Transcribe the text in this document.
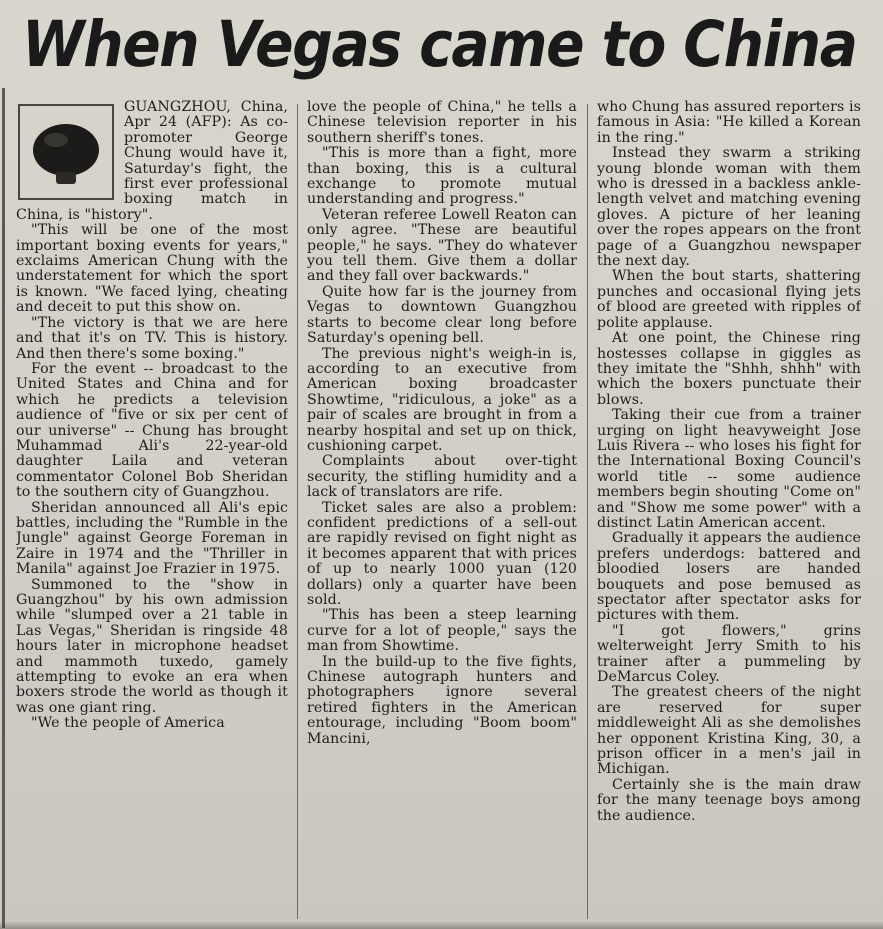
When Vegas came to China

GUANGZHOU, China, Apr 24 (AFP): As co-promoter George Chung would have it, Saturday's fight, the first ever professional boxing match in China, is "history".

"This will be one of the most important boxing events for years," exclaims American Chung with the understatement for which the sport is known. "We faced lying, cheating and deceit to put this show on.

"The victory is that we are here and that it's on TV. This is history. And then there's some boxing."

For the event -- broadcast to the United States and China and for which he predicts a television audience of "five or six per cent of our universe" -- Chung has brought Muhammad Ali's 22-year-old daughter Laila and veteran commentator Colonel Bob Sheridan to the southern city of Guangzhou.

Sheridan announced all Ali's epic battles, including the "Rumble in the Jungle" against George Foreman in Zaire in 1974 and the "Thriller in Manila" against Joe Frazier in 1975.

Summoned to the "show in Guangzhou" by his own admission while "slumped over a 21 table in Las Vegas," Sheridan is ringside 48 hours later in microphone headset and mammoth tuxedo, gamely attempting to evoke an era when boxers strode the world as though it was one giant ring.

"We the people of America

love the people of China," he tells a Chinese television reporter in his southern sheriff's tones.

"This is more than a fight, more than boxing, this is a cultural exchange to promote mutual understanding and progress."

Veteran referee Lowell Reaton can only agree. "These are beautiful people," he says. "They do whatever you tell them. Give them a dollar and they fall over backwards."

Quite how far is the journey from Vegas to downtown Guangzhou starts to become clear long before Saturday's opening bell.

The previous night's weigh-in is, according to an executive from American boxing broadcaster Showtime, "ridiculous, a joke" as a pair of scales are brought in from a nearby hospital and set up on thick, cushioning carpet.

Complaints about over-tight security, the stifling humidity and a lack of translators are rife.

Ticket sales are also a problem: confident predictions of a sell-out are rapidly revised on fight night as it becomes apparent that with prices of up to nearly 1000 yuan (120 dollars) only a quarter have been sold.

"This has been a steep learning curve for a lot of people," says the man from Showtime.

In the build-up to the five fights, Chinese autograph hunters and photographers ignore several retired fighters in the American entourage, including "Boom boom" Mancini,

who Chung has assured reporters is famous in Asia: "He killed a Korean in the ring."

Instead they swarm a striking young blonde woman with them who is dressed in a backless ankle-length velvet and matching evening gloves. A picture of her leaning over the ropes appears on the front page of a Guangzhou newspaper the next day.

When the bout starts, shattering punches and occasional flying jets of blood are greeted with ripples of polite applause.

At one point, the Chinese ring hostesses collapse in giggles as they imitate the "Shhh, shhh" with which the boxers punctuate their blows.

Taking their cue from a trainer urging on light heavyweight Jose Luis Rivera -- who loses his fight for the International Boxing Council's world title -- some audience members begin shouting "Come on" and "Show me some power" with a distinct Latin American accent.

Gradually it appears the audience prefers underdogs: battered and bloodied losers are handed bouquets and pose bemused as spectator after spectator asks for pictures with them.

"I got flowers," grins welterweight Jerry Smith to his trainer after a pummeling by DeMarcus Coley.

The greatest cheers of the night are reserved for super middleweight Ali as she demolishes her opponent Kristina King, 30, a prison officer in a men's jail in Michigan.

Certainly she is the main draw for the many teenage boys among the audience.
